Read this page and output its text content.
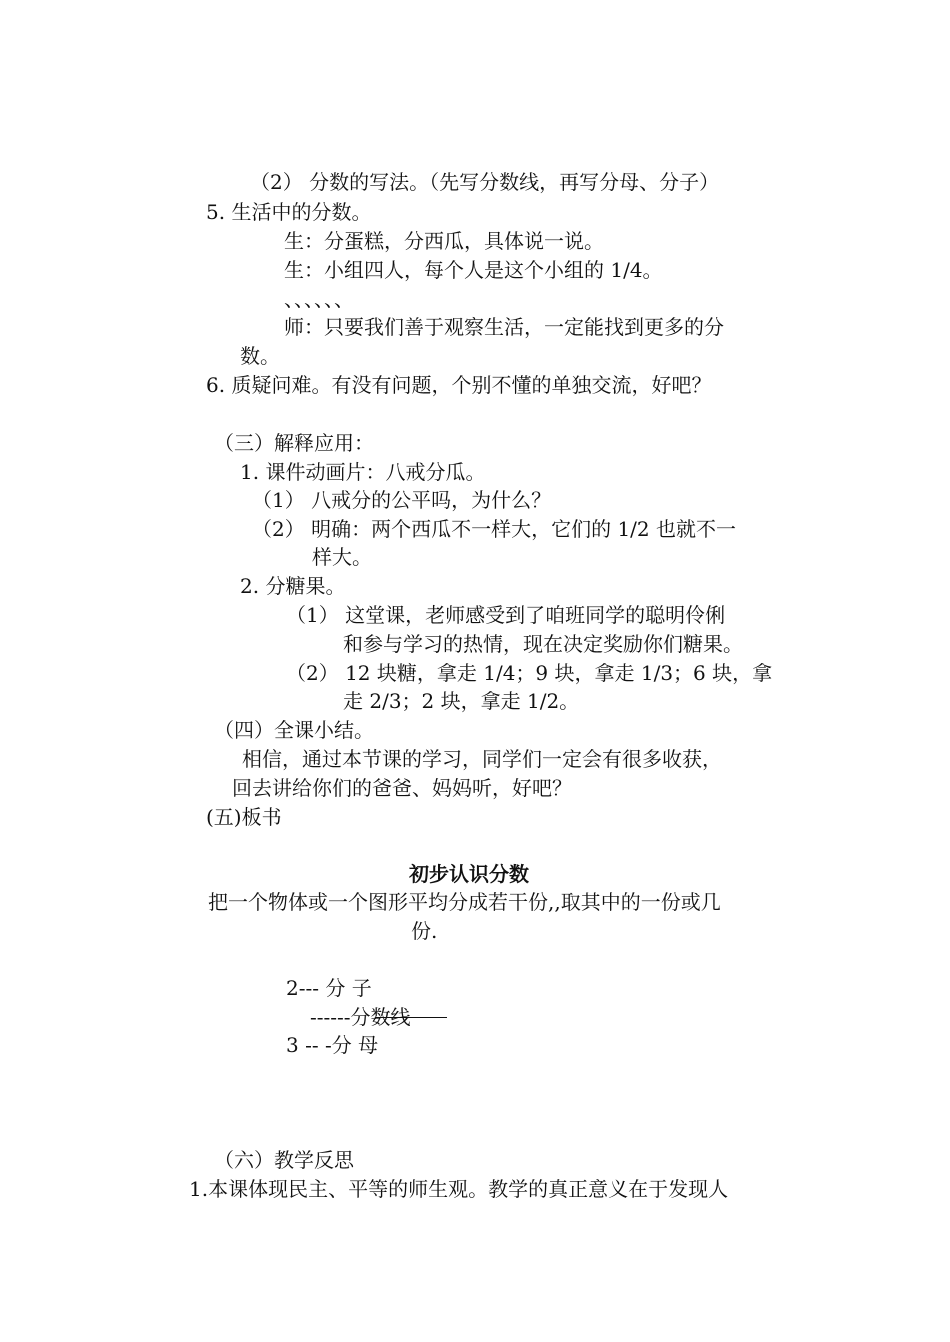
（2） 分数的写法。（先写分数线，再写分母、分子）
5. 生活中的分数。
生：分蛋糕，分西瓜，具体说一说。
生：小组四人，每个人是这个小组的 1/4。
、、、、、、
师：只要我们善于观察生活，一定能找到更多的分
数。
6. 质疑问难。有没有问题，个别不懂的单独交流，好吧？
（三）解释应用：
1. 课件动画片：八戒分瓜。
（1） 八戒分的公平吗，为什么？
（2） 明确：两个西瓜不一样大，它们的 1/2 也就不一
样大。
2. 分糖果。
（1） 这堂课，老师感受到了咱班同学的聪明伶俐
和参与学习的热情，现在决定奖励你们糖果。
（2） 12 块糖，拿走 1/4；9 块，拿走 1/3；6 块，拿
走 2/3；2 块，拿走 1/2。
（四）全课小结。
相信，通过本节课的学习，同学们一定会有很多收获，
回去讲给你们的爸爸、妈妈听，好吧？
(五)板书
初步认识分数
把一个物体或一个图形平均分成若干份,,取其中的一份或几
份.
2--- 分 子
------分数线
3 -- -分 母
（六）教学反思
1.本课体现民主、平等的师生观。教学的真正意义在于发现人
